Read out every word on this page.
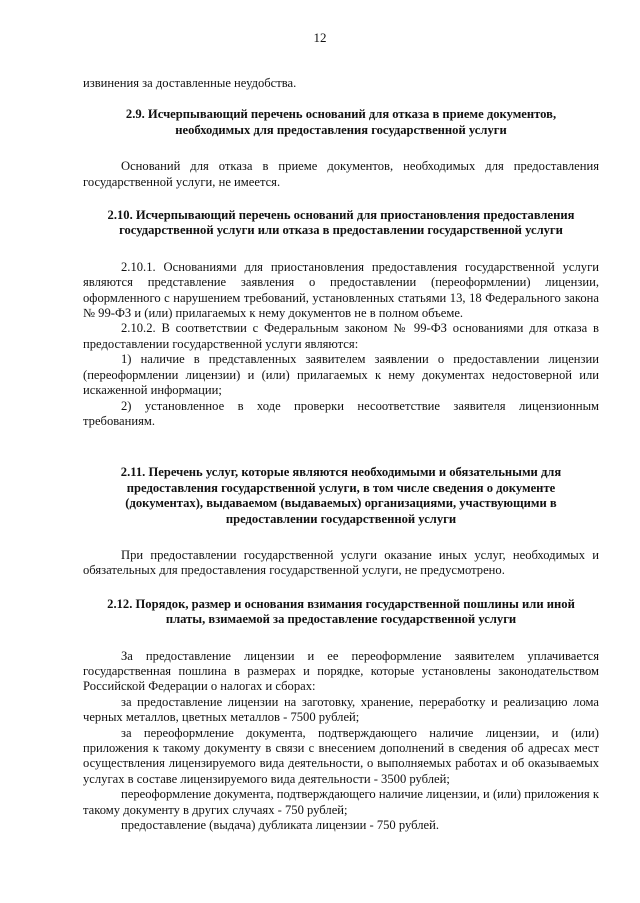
12

извинения за доставленные неудобства.

2.9. Исчерпывающий перечень оснований для отказа в приеме документов, необходимых для предоставления государственной услуги

Оснований для отказа в приеме документов, необходимых для предоставления государственной услуги, не имеется.

2.10. Исчерпывающий перечень оснований для приостановления предоставления государственной услуги или отказа в предоставлении государственной услуги

2.10.1. Основаниями для приостановления предоставления государственной услуги являются представление заявления о предоставлении (переоформлении) лицензии, оформленного с нарушением требований, установленных статьями 13, 18 Федерального закона № 99-ФЗ и (или) прилагаемых к нему документов не в полном объеме.

2.10.2. В соответствии с Федеральным законом № 99-ФЗ основаниями для отказа в предоставлении государственной услуги являются:

1) наличие в представленных заявителем заявлении о предоставлении лицензии (переоформлении лицензии) и (или) прилагаемых к нему документах недостоверной или искаженной информации;

2) установленное в ходе проверки несоответствие заявителя лицензионным требованиям.

2.11. Перечень услуг, которые являются необходимыми и обязательными для предоставления государственной услуги, в том числе сведения о документе (документах), выдаваемом (выдаваемых) организациями, участвующими в предоставлении государственной услуги

При предоставлении государственной услуги оказание иных услуг, необходимых и обязательных для предоставления государственной услуги, не предусмотрено.

2.12. Порядок, размер и основания взимания государственной пошлины или иной платы, взимаемой за предоставление государственной услуги

За предоставление лицензии и ее переоформление заявителем уплачивается государственная пошлина в размерах и порядке, которые установлены законодательством Российской Федерации о налогах и сборах:

за предоставление лицензии на заготовку, хранение, переработку и реализацию лома черных металлов, цветных металлов - 7500 рублей;

за переоформление документа, подтверждающего наличие лицензии, и (или) приложения к такому документу в связи с внесением дополнений в сведения об адресах мест осуществления лицензируемого вида деятельности, о выполняемых работах и об оказываемых услугах в составе лицензируемого вида деятельности - 3500 рублей;

переоформление документа, подтверждающего наличие лицензии, и (или) приложения к такому документу в других случаях - 750 рублей;

предоставление (выдача) дубликата лицензии - 750 рублей.
